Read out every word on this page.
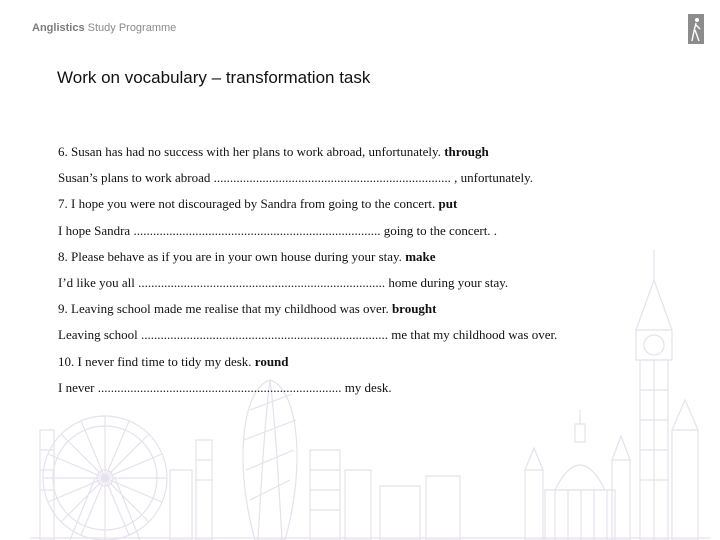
Anglistics Study Programme
Work on vocabulary – transformation task
6. Susan has had no success with her plans to work abroad, unfortunately. through
Susan’s plans to work abroad ......................................................................... , unfortunately.
7. I hope you were not discouraged by Sandra from going to the concert. put
I hope Sandra ............................................................................ going to the concert. .
8. Please behave as if you are in your own house during your stay. make
I’d like you all ............................................................................ home during your stay.
9. Leaving school made me realise that my childhood was over. brought
Leaving school ............................................................................ me that my childhood was over.
10. I never find time to tidy my desk. round
I never ........................................................................... my desk.
